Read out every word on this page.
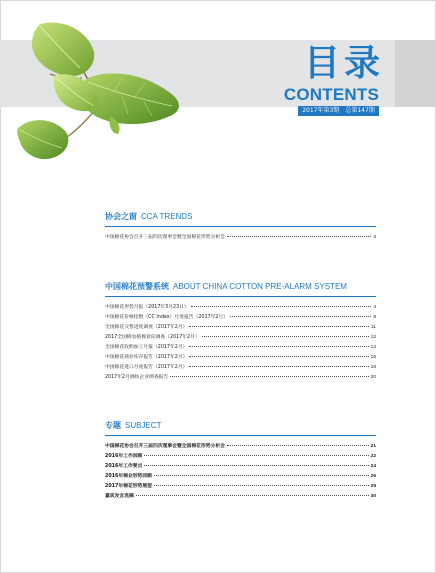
目录
CONTENTS
2017年第3期 总第147期
协会之窗 CCA TRENDS
中国棉花协会召开三届四次理事会暨全国棉花形势分析会	3
中国棉花预警系统 ABOUT CHINA COTTON PRE-ALARM SYSTEM
中国棉花形势月报（2017年3月23日）	4
中国棉花价格指数（CC Index）月度报告（2017年2月）	8
全国棉花交售进度调查（2017年2月）	11
2017全国棉农植棉意向调查（2017年2月）	12
全国棉花收购加工月报（2017年2月）	14
中国棉花商业库存报告（2017年2月）	16
中国棉花进口月度报告（2017年2月）	18
2017年2月棉纺企业调查报告	20
专题 SUBJECT
中国棉花协会召开三届四次理事会暨全国棉花形势分析会	21
2016年工作回顾	22
2016年工作要点	24
2016年棉业形势回顾	26
2017年棉花形势展望	29
嘉宾发言选摘	30
